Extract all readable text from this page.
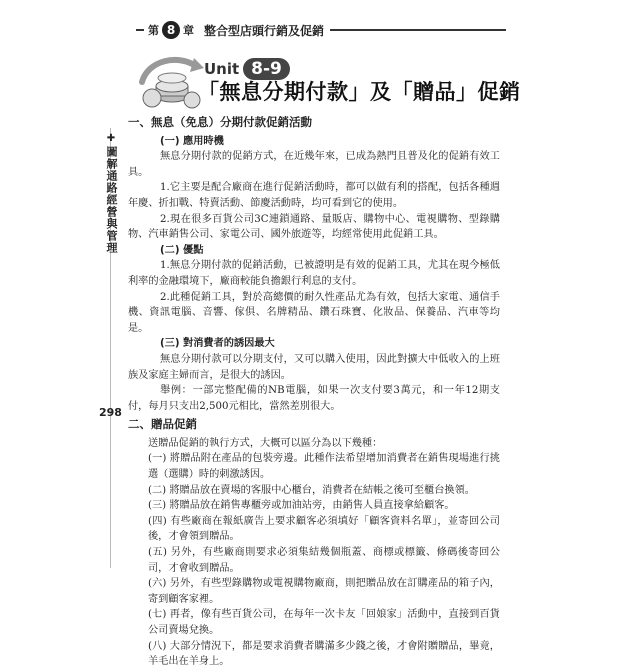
第 8 章 整合型店頭行銷及促銷
Unit 8-9
「無息分期付款」及「贈品」促銷
✚
圖解通路經營與管理
298
一、無息（免息）分期付款促銷活動
(一) 應用時機

無息分期付款的促銷方式，在近幾年來，已成為熱門且普及化的促銷有效工具。

1.它主要是配合廠商在進行促銷活動時，都可以做有利的搭配，包括各種週年慶、折扣戰、特賣活動、節慶活動時，均可看到它的使用。

2.現在很多百貨公司3C連鎖通路、量販店、購物中心、電視購物、型錄購物、汽車銷售公司、家電公司、國外旅遊等，均經常使用此促銷工具。

(二) 優點

1.無息分期付款的促銷活動，已被證明是有效的促銷工具，尤其在現今極低利率的金融環境下，廠商較能負擔銀行利息的支付。

2.此種促銷工具，對於高總價的耐久性產品尤為有效，包括大家電、通信手機、資訊電腦、音響、傢俱、名牌精品、鑽石珠寶、化妝品、保養品、汽車等均是。

(三) 對消費者的誘因最大

無息分期付款可以分期支付，又可以購入使用，因此對擴大中低收入的上班族及家庭主婦而言，是很大的誘因。

舉例：一部完整配備的NB電腦，如果一次支付要3萬元，和一年12期支付，每月只支出2,500元相比，當然差別很大。

二、贈品促銷

送贈品促銷的執行方式，大概可以區分為以下幾種：

(一) 將贈品附在產品的包裝旁邊。此種作法希望增加消費者在銷售現場進行挑選（選購）時的刺激誘因。

(二) 將贈品放在賣場的客服中心櫃台，消費者在結帳之後可至櫃台換領。

(三) 將贈品放在銷售專櫃旁或加油站旁，由銷售人員直接拿給顧客。

(四) 有些廠商在報紙廣告上要求顧客必須填好「顧客資料名單」，並寄回公司後，才會領到贈品。

(五) 另外，有些廠商則要求必須集結幾個瓶蓋、商標或標籤、條碼後寄回公司，才會收到贈品。

(六) 另外，有些型錄購物或電視購物廠商，則把贈品放在訂購產品的箱子內，寄到顧客家裡。

(七) 再者，像有些百貨公司，在每年一次卡友「回娘家」活動中，直接到百貨公司賣場兌換。

(八) 大部分情況下，都是要求消費者購滿多少錢之後，才會附贈贈品，畢竟，羊毛出在羊身上。
